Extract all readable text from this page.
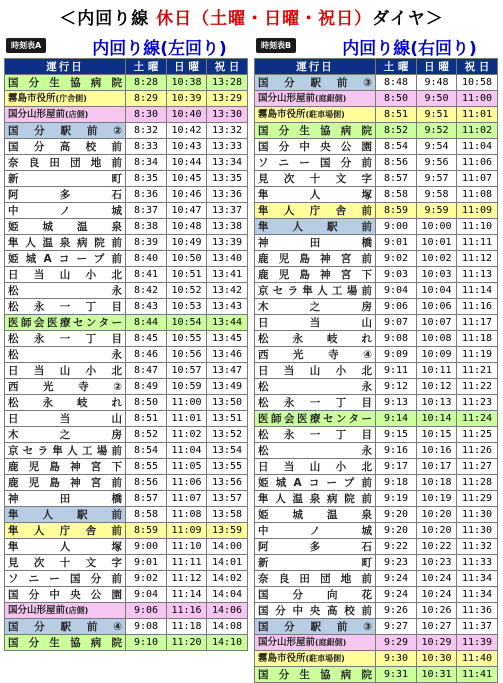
＜内回り線 休日（土曜・日曜・祝日）ダイヤ＞
時刻表A	内回り線(左回り)
運行日	土 曜	日 曜	祝 日
国分生協病院	8:28	10:38	13:28
霧島市役所(庁舎側)	8:29	10:39	13:29
国分山形屋前(店側)	8:30	10:40	13:30
国分駅前②	8:32	10:42	13:32
国分高校前	8:33	10:43	13:33
奈良田団地前	8:34	10:44	13:34
新町	8:35	10:45	13:35
阿多石	8:36	10:46	13:36
中ノ城	8:37	10:47	13:37
姫城温泉	8:38	10:48	13:38
隼人温泉病院前	8:39	10:49	13:39
姫城Aコープ前	8:40	10:50	13:40
日当山小北	8:41	10:51	13:41
松永	8:42	10:52	13:42
松永一丁目	8:43	10:53	13:43
医師会医療センター	8:44	10:54	13:44
松永一丁目	8:45	10:55	13:45
松永	8:46	10:56	13:46
日当山小北	8:47	10:57	13:47
西光寺②	8:49	10:59	13:49
松永岐れ	8:50	11:00	13:50
日当山	8:51	11:01	13:51
木之房	8:52	11:02	13:52
京セラ隼人工場前	8:54	11:04	13:54
鹿児島神宮下	8:55	11:05	13:55
鹿児島神宮前	8:56	11:06	13:56
神田橋	8:57	11:07	13:57
隼人駅前	8:58	11:08	13:58
隼人庁舎前	8:59	11:09	13:59
隼人塚	9:00	11:10	14:00
見次十文字	9:01	11:11	14:01
ソニー国分前	9:02	11:12	14:02
国分中央公園	9:04	11:14	14:04
国分山形屋前(店側)	9:06	11:16	14:06
国分駅前④	9:08	11:18	14:08
国分生協病院	9:10	11:20	14:10
時刻表B	内回り線(右回り)
運行日	土 曜	日 曜	祝 日
国分駅前③	8:48	9:48	10:58
国分山形屋前(庭銀側)	8:50	9:50	11:00
霧島市役所(駐車場側)	8:51	9:51	11:01
国分生協病院	8:52	9:52	11:02
国分中央公園	8:54	9:54	11:04
ソニー国分前	8:56	9:56	11:06
見次十文字	8:57	9:57	11:07
隼人塚	8:58	9:58	11:08
隼人庁舎前	8:59	9:59	11:09
隼人駅前	9:00	10:00	11:10
神田橋	9:01	10:01	11:11
鹿児島神宮前	9:02	10:02	11:12
鹿児島神宮下	9:03	10:03	11:13
京セラ隼人工場前	9:04	10:04	11:14
木之房	9:06	10:06	11:16
日当山	9:07	10:07	11:17
松永岐れ	9:08	10:08	11:18
西光寺④	9:09	10:09	11:19
日当山小北	9:11	10:11	11:21
松永	9:12	10:12	11:22
松永一丁目	9:13	10:13	11:23
医師会医療センター	9:14	10:14	11:24
松永一丁目	9:15	10:15	11:25
松永	9:16	10:16	11:26
日当山小北	9:17	10:17	11:27
姫城Aコープ前	9:18	10:18	11:28
隼人温泉病院前	9:19	10:19	11:29
姫城温泉	9:20	10:20	11:30
中ノ城	9:20	10:20	11:30
阿多石	9:22	10:22	11:32
新町	9:23	10:23	11:33
奈良田団地前	9:24	10:24	11:34
国分向花	9:24	10:24	11:34
国分中央高校前	9:26	10:26	11:36
国分駅前③	9:27	10:27	11:37
国分山形屋前(庭銀側)	9:29	10:29	11:39
霧島市役所(駐車場側)	9:30	10:30	11:40
国分生協病院	9:31	10:31	11:41
